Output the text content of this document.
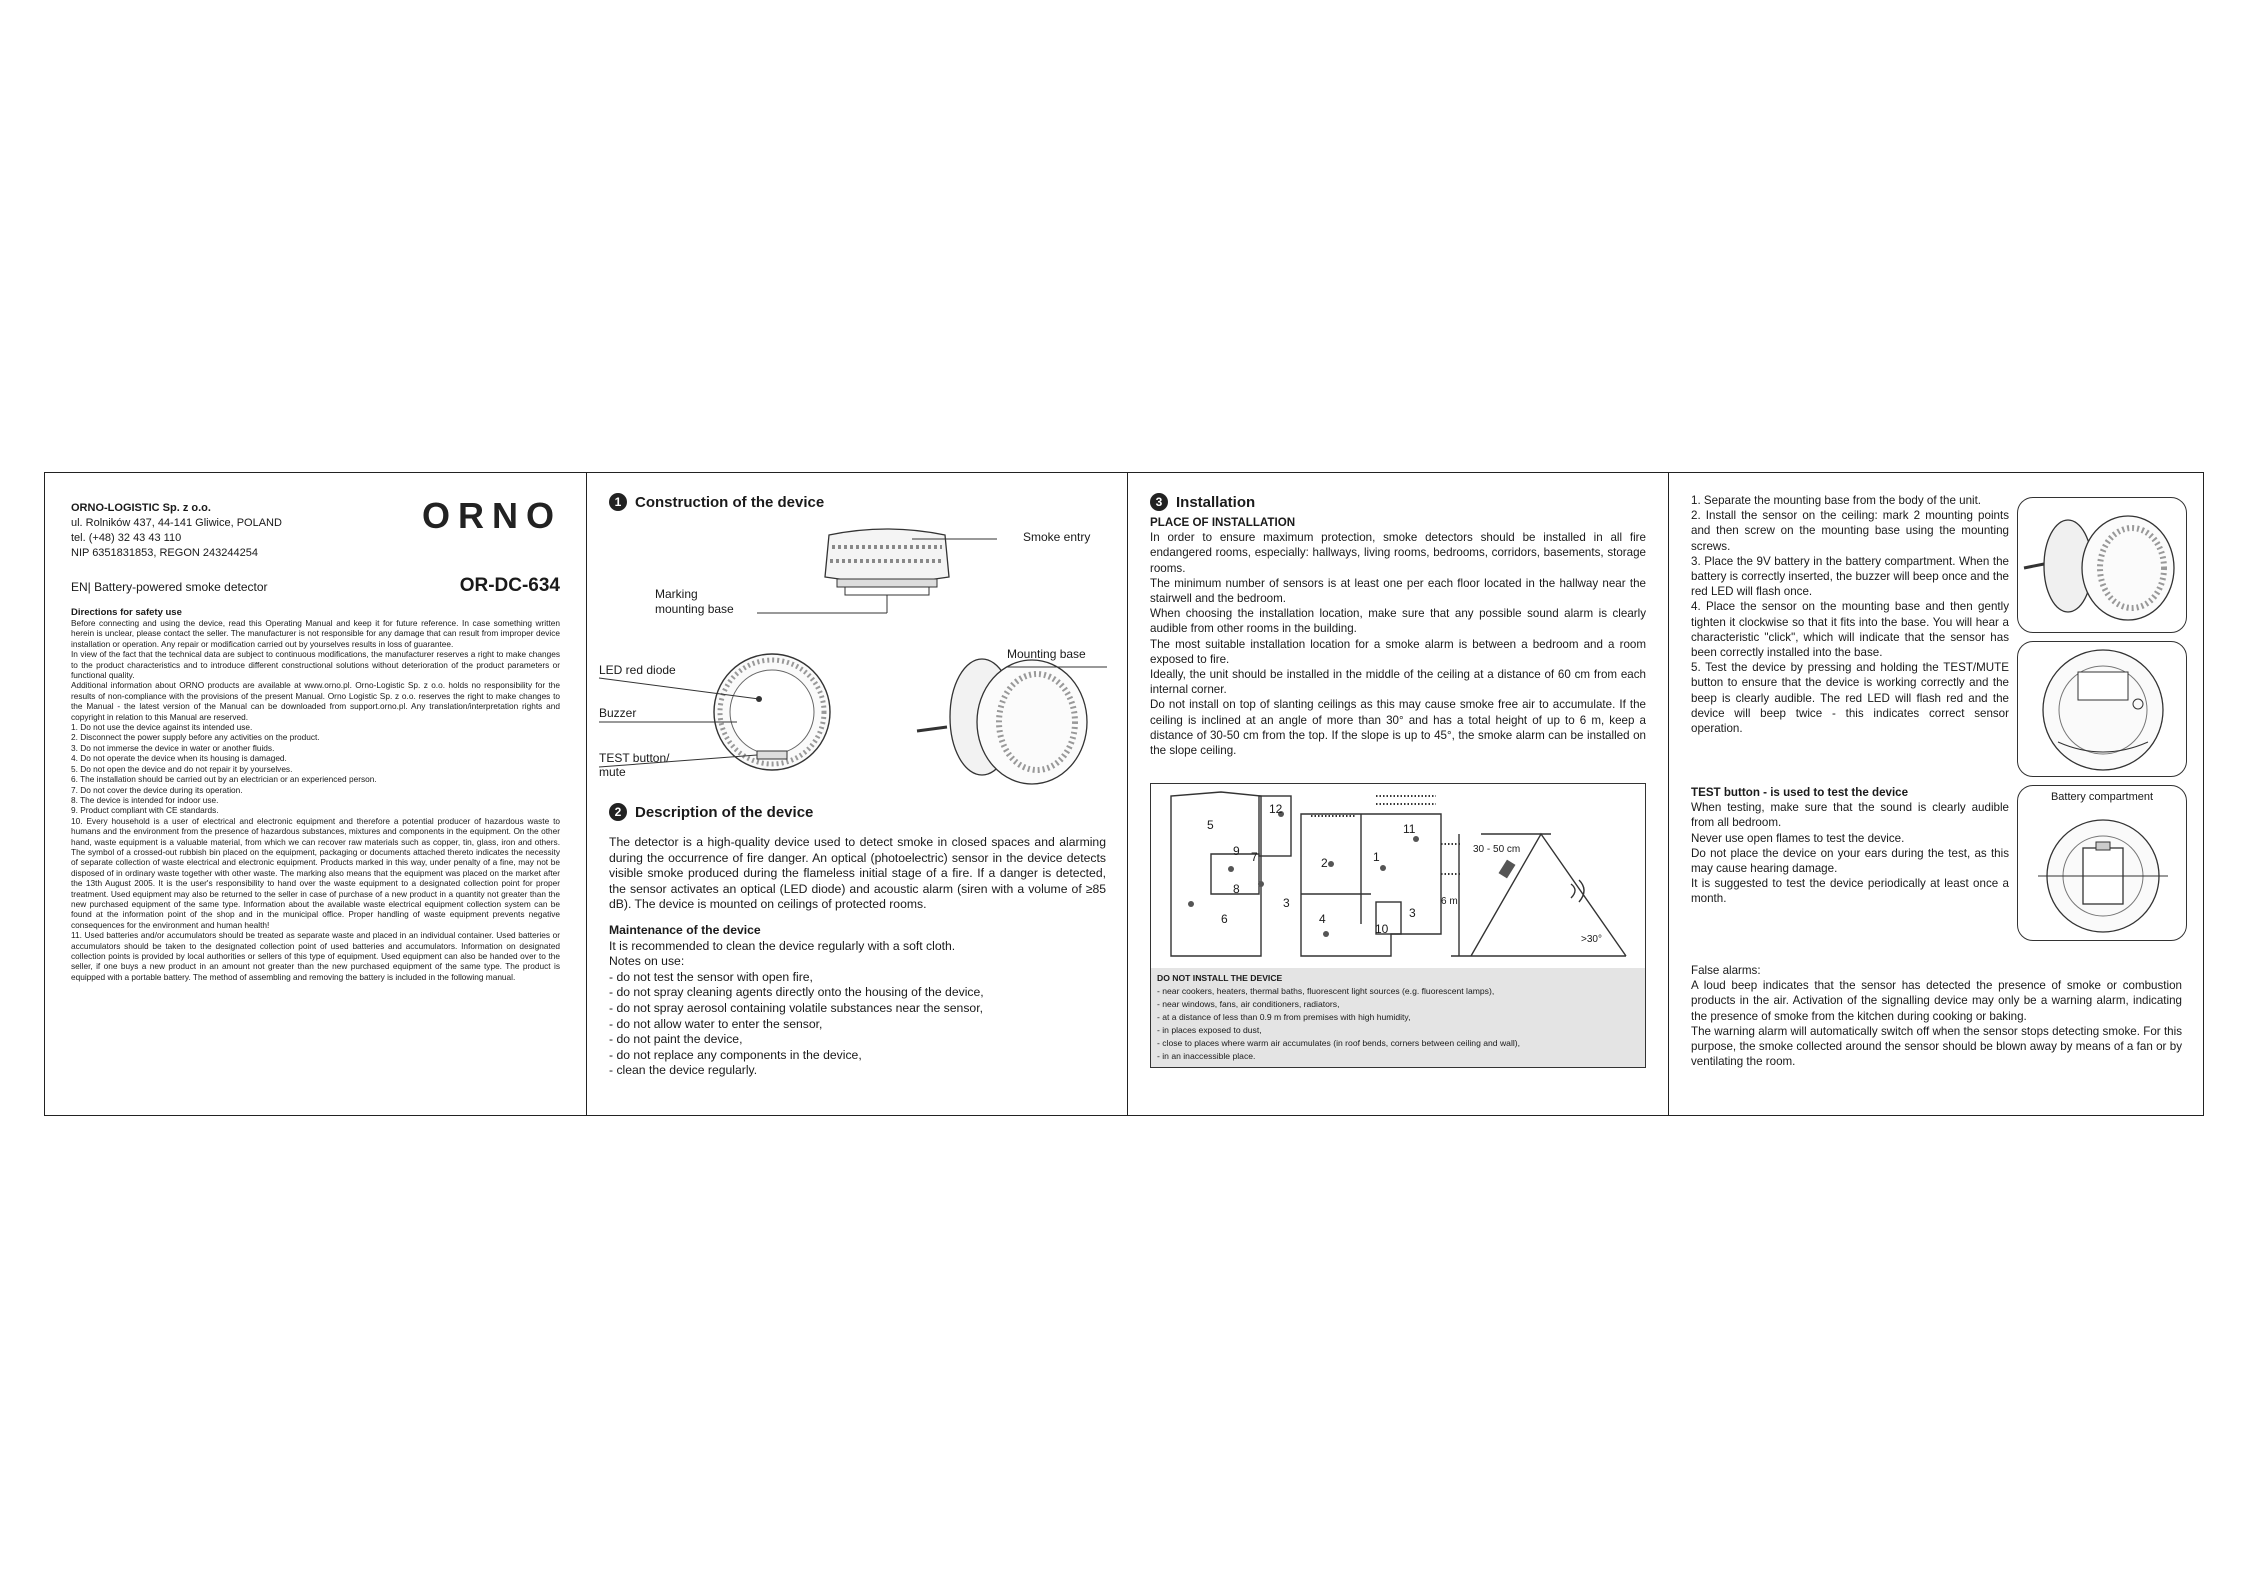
ORNO-LOGISTIC Sp. z o.o.
ul. Rolników 437, 44-141 Gliwice, POLAND
tel. (+48) 32 43 43 110
NIP 6351831853, REGON 243244254
ORNO
EN| Battery-powered smoke detector	OR-DC-634
Directions for safety use
Before connecting and using the device, read this Operating Manual and keep it for future reference. In case something written herein is unclear, please contact the seller. The manufacturer is not responsible for any damage that can result from improper device installation or operation. Any repair or modification carried out by yourselves results in loss of guarantee.
In view of the fact that the technical data are subject to continuous modifications, the manufacturer reserves a right to make changes to the product characteristics and to introduce different constructional solutions without deterioration of the product parameters or functional quality.
Additional information about ORNO products are available at www.orno.pl. Orno-Logistic Sp. z o.o. holds no responsibility for the results of non-compliance with the provisions of the present Manual. Orno Logistic Sp. z o.o. reserves the right to make changes to the Manual - the latest version of the Manual can be downloaded from support.orno.pl. Any translation/interpretation rights and copyright in relation to this Manual are reserved.
1. Do not use the device against its intended use.
2. Disconnect the power supply before any activities on the product.
3. Do not immerse the device in water or another fluids.
4. Do not operate the device when its housing is damaged.
5. Do not open the device and do not repair it by yourselves.
6. The installation should be carried out by an electrician or an experienced person.
7. Do not cover the device during its operation.
8. The device is intended for indoor use.
9. Product compliant with CE standards.
10. Every household is a user of electrical and electronic equipment and therefore a potential producer of hazardous waste to humans and the environment from the presence of hazardous substances, mixtures and components in the equipment. On the other hand, waste equipment is a valuable material, from which we can recover raw materials such as copper, tin, glass, iron and others. The symbol of a crossed-out rubbish bin placed on the equipment, packaging or documents attached thereto indicates the necessity of separate collection of waste electrical and electronic equipment. Products marked in this way, under penalty of a fine, may not be disposed of in ordinary waste together with other waste. The marking also means that the equipment was placed on the market after the 13th August 2005. It is the user's responsibility to hand over the waste equipment to a designated collection point for proper treatment. Used equipment may also be returned to the seller in case of purchase of a new product in a quantity not greater than the new purchased equipment of the same type. Information about the available waste electrical equipment collection system can be found at the information point of the shop and in the municipal office. Proper handling of waste equipment prevents negative consequences for the environment and human health!
11. Used batteries and/or accumulators should be treated as separate waste and placed in an individual container. Used batteries or accumulators should be taken to the designated collection point of used batteries and accumulators. Information on designated collection points is provided by local authorities or sellers of this type of equipment. Used equipment can also be handed over to the seller, if one buys a new product in an amount not greater than the new purchased equipment of the same type. The product is equipped with a portable battery. The method of assembling and removing the battery is included in the following manual.
1 Construction of the device
Smoke entry
Marking
mounting base
Mounting base
LED red diode
Buzzer
TEST button/
mute
2 Description of the device
The detector is a high-quality device used to detect smoke in closed spaces and alarming during the occurrence of fire danger. An optical (photoelectric) sensor in the device detects visible smoke produced during the flameless initial stage of a fire. If a danger is detected, the sensor activates an optical (LED diode) and acoustic alarm (siren with a volume of ≥85 dB). The device is mounted on ceilings of protected rooms.
Maintenance of the device
It is recommended to clean the device regularly with a soft cloth.
Notes on use:
- do not test the sensor with open fire,
- do not spray cleaning agents directly onto the housing of the device,
- do not spray aerosol containing volatile substances near the sensor,
- do not allow water to enter the sensor,
- do not paint the device,
- do not replace any components in the device,
- clean the device regularly.
3 Installation
PLACE OF INSTALLATION
In order to ensure maximum protection, smoke detectors should be installed in all fire endangered rooms, especially: hallways, living rooms, bedrooms, corridors, basements, storage rooms.
The minimum number of sensors is at least one per each floor located in the hallway near the stairwell and the bedroom.
When choosing the installation location, make sure that any possible sound alarm is clearly audible from other rooms in the building.
The most suitable installation location for a smoke alarm is between a bedroom and a room exposed to fire.
Ideally, the unit should be installed in the middle of the ceiling at a distance of 60 cm from each internal corner.
Do not install on top of slanting ceilings as this may cause smoke free air to accumulate. If the ceiling is inclined at an angle of more than 30° and has a total height of up to 6 m, keep a distance of 30-50 cm from the top. If the slope is up to 45°, the smoke alarm can be installed on the slope ceiling.
5
12
9 7
3
8
6
2	1
11
4
10
3
30 - 50 cm
6 m
>30°
DO NOT INSTALL THE DEVICE
- near cookers, heaters, thermal baths, fluorescent light sources (e.g. fluorescent lamps),
- near windows, fans, air conditioners, radiators,
- at a distance of less than 0.9 m from premises with high humidity,
- in places exposed to dust,
- close to places where warm air accumulates (in roof bends, corners between ceiling and wall),
- in an inaccessible place.
1. Separate the mounting base from the body of the unit.
2. Install the sensor on the ceiling: mark 2 mounting points and then screw on the mounting base using the mounting screws.
3. Place the 9V battery in the battery compartment. When the battery is correctly inserted, the buzzer will beep once and the red LED will flash once.
4. Place the sensor on the mounting base and then gently tighten it clockwise so that it fits into the base. You will hear a characteristic "click", which will indicate that the sensor has been correctly installed into the base.
5. Test the device by pressing and holding the TEST/MUTE button to ensure that the device is working correctly and the beep is clearly audible. The red LED will flash red and the device will beep twice - this indicates correct sensor operation.
TEST button - is used to test the device
When testing, make sure that the sound is clearly audible from all bedroom.
Never use open flames to test the device.
Do not place the device on your ears during the test, as this may cause hearing damage.
It is suggested to test the device periodically at least once a month.
Battery compartment
False alarms:
A loud beep indicates that the sensor has detected the presence of smoke or combustion products in the air. Activation of the signalling device may only be a warning alarm, indicating the presence of smoke from the kitchen during cooking or baking.
The warning alarm will automatically switch off when the sensor stops detecting smoke. For this purpose, the smoke collected around the sensor should be blown away by means of a fan or by ventilating the room.
